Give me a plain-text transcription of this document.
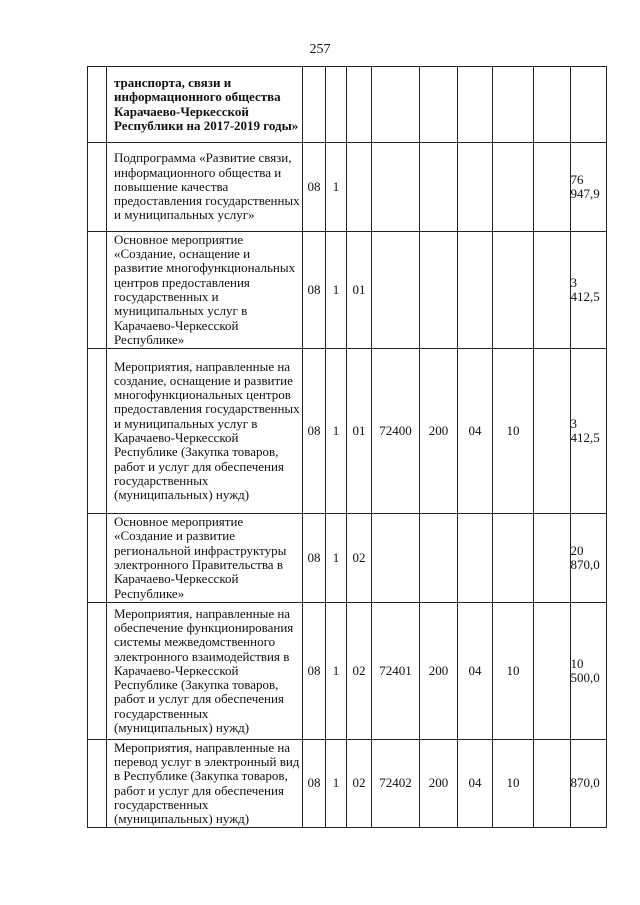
257

	транспорта, связи и информационного общества Карачаево-Черкесской Республики на 2017-2019 годы»									

	Подпрограмма «Развитие связи, информационного общества и повышение качества предоставления государственных и муниципальных услуг»	08	1							76 947,9

	Основное мероприятие «Создание, оснащение и развитие многофункциональных центров предоставления государственных и муниципальных услуг в Карачаево-Черкесской Республике»	08	1	01						3 412,5

	Мероприятия, направленные на создание, оснащение и развитие многофункциональных центров предоставления государственных и муниципальных услуг в Карачаево-Черкесской Республике (Закупка товаров, работ и услуг для обеспечения государственных (муниципальных) нужд)	08	1	01	72400	200	04	10		3 412,5

	Основное мероприятие «Создание и развитие региональной инфраструктуры электронного Правительства в Карачаево-Черкесской Республике»	08	1	02						20 870,0

	Мероприятия, направленные на обеспечение функционирования системы межведомственного электронного взаимодействия в Карачаево-Черкесской Республике (Закупка товаров, работ и услуг для обеспечения государственных (муниципальных) нужд)	08	1	02	72401	200	04	10		10 500,0

	Мероприятия, направленные на перевод услуг в электронный вид в Республике (Закупка товаров, работ и услуг для обеспечения государственных (муниципальных) нужд)	08	1	02	72402	200	04	10		870,0
